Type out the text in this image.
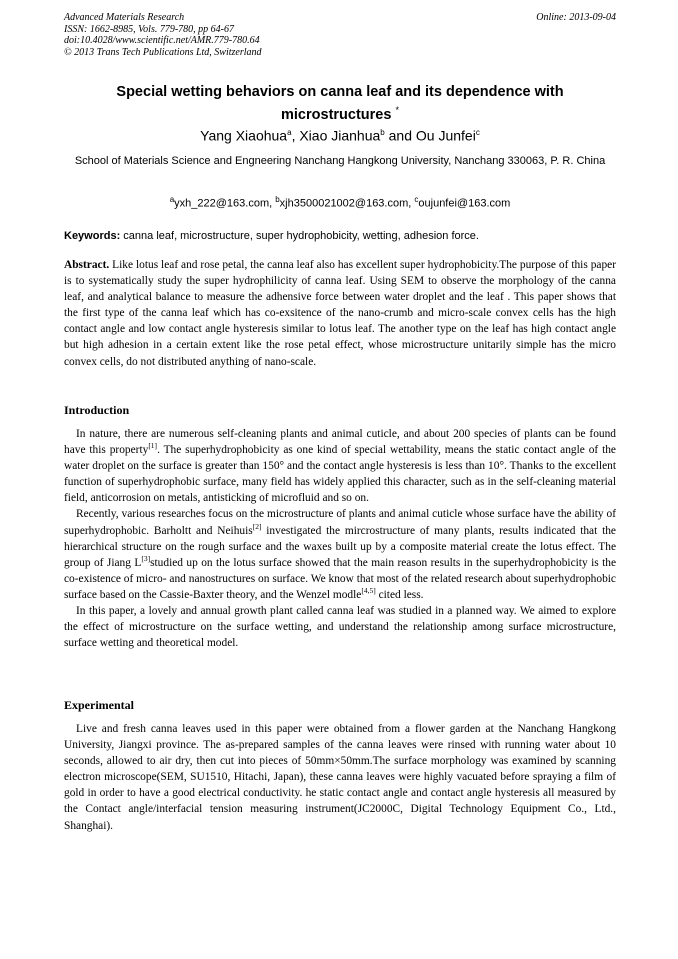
Advanced Materials Research
ISSN: 1662-8985, Vols. 779-780, pp 64-67
doi:10.4028/www.scientific.net/AMR.779-780.64
© 2013 Trans Tech Publications Ltd, Switzerland
Online: 2013-09-04
Special wetting behaviors on canna leaf and its dependence with microstructures *
Yang Xiaohua$^a$, Xiao Jianhua$^b$ and Ou Junfei$^c$
School of Materials Science and Engneering Nanchang Hangkong University, Nanchang 330063, P. R. China
$^a$yxh_222@163.com, $^b$xjh3500021002@163.com, $^c$oujunfei@163.com
Keywords: canna leaf, microstructure, super hydrophobicity, wetting, adhesion force.
Abstract. Like lotus leaf and rose petal, the canna leaf also has excellent super hydrophobicity.The purpose of this paper is to systematically study the super hydrophilicity of canna leaf. Using SEM to observe the morphology of the canna leaf, and analytical balance to measure the adhensive force between water droplet and the leaf . This paper shows that the first type of the canna leaf which has co-exsitence of the nano-crumb and micro-scale convex cells has the high contact angle and low contact angle hysteresis similar to lotus leaf. The another type on the leaf has high contact angle but high adhesion in a certain extent like the rose petal effect, whose microstructure unitarily simple has the micro convex cells, do not distributed anything of nano-scale.
Introduction

In nature, there are numerous self-cleaning plants and animal cuticle, and about 200 species of plants can be found have this property[1]. The superhydrophobicity as one kind of special wettability, means the static contact angle of the water droplet on the surface is greater than 150° and the contact angle hysteresis is less than 10°. Thanks to the excellent function of superhydrophobic surface, many field has widely applied this character, such as in the self-cleaning material field, anticorrosion on metals, antisticking of microfluid and so on.

Recently, various researches focus on the microstructure of plants and animal cuticle whose surface have the ability of superhydrophobic. Barholtt and Neihuis[2] investigated the mircrostructure of many plants, results indicated that the hierarchical structure on the rough surface and the waxes built up by a composite material create the lotus effect. The group of Jiang L[3]studied up on the lotus surface showed that the main reason results in the superhydrophobicity is the co-existence of micro- and nanostructures on surface. We know that most of the related research about superhydrophobic surface based on the Cassie-Baxter theory, and the Wenzel modle[4,5] cited less.

In this paper, a lovely and annual growth plant called canna leaf was studied in a planned way. We aimed to explore the effect of microstructure on the surface wetting, and understand the relationship among surface microstructure, surface wetting and theoretical model.

Experimental

Live and fresh canna leaves used in this paper were obtained from a flower garden at the Nanchang Hangkong University, Jiangxi province. The as-prepared samples of the canna leaves were rinsed with running water about 10 seconds, allowed to air dry, then cut into pieces of 50mm×50mm.The surface morphology was examined by scanning electron microscope(SEM, SU1510, Hitachi, Japan), these canna leaves were highly vacuated before spraying a film of gold in order to have a good electrical conductivity. he static contact angle and contact angle hysteresis all measured by the Contact angle/interfacial tension measuring instrument(JC2000C, Digital Technology Equipment Co., Ltd., Shanghai).
